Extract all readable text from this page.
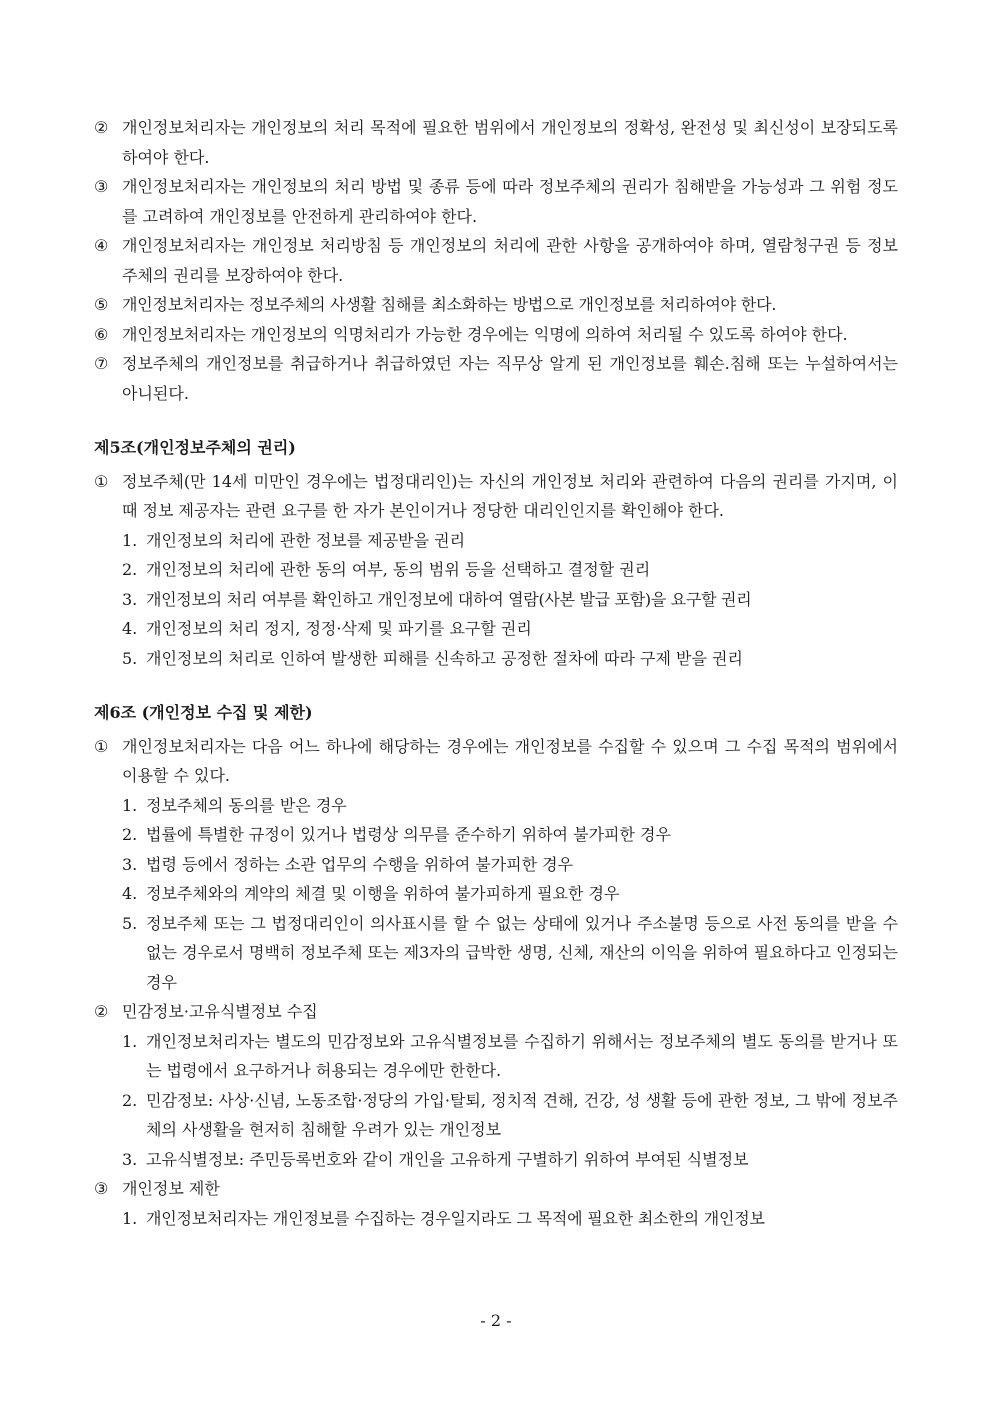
② 개인정보처리자는 개인정보의 처리 목적에 필요한 범위에서 개인정보의 정확성, 완전성 및 최신성이 보장되도록 하여야 한다.
③ 개인정보처리자는 개인정보의 처리 방법 및 종류 등에 따라 정보주체의 권리가 침해받을 가능성과 그 위험 정도를 고려하여 개인정보를 안전하게 관리하여야 한다.
④ 개인정보처리자는 개인정보 처리방침 등 개인정보의 처리에 관한 사항을 공개하여야 하며, 열람청구권 등 정보주체의 권리를 보장하여야 한다.
⑤ 개인정보처리자는 정보주체의 사생활 침해를 최소화하는 방법으로 개인정보를 처리하여야 한다.
⑥ 개인정보처리자는 개인정보의 익명처리가 가능한 경우에는 익명에 의하여 처리될 수 있도록 하여야 한다.
⑦ 정보주체의 개인정보를 취급하거나 취급하였던 자는 직무상 알게 된 개인정보를 훼손.침해 또는 누설하여서는 아니된다.
제5조(개인정보주체의 권리)
① 정보주체(만 14세 미만인 경우에는 법정대리인)는 자신의 개인정보 처리와 관련하여 다음의 권리를 가지며, 이때 정보 제공자는 관련 요구를 한 자가 본인이거나 정당한 대리인인지를 확인해야 한다.
1. 개인정보의 처리에 관한 정보를 제공받을 권리
2. 개인정보의 처리에 관한 동의 여부, 동의 범위 등을 선택하고 결정할 권리
3. 개인정보의 처리 여부를 확인하고 개인정보에 대하여 열람(사본 발급 포함)을 요구할 권리
4. 개인정보의 처리 정지, 정정·삭제 및 파기를 요구할 권리
5. 개인정보의 처리로 인하여 발생한 피해를 신속하고 공정한 절차에 따라 구제 받을 권리
제6조 (개인정보 수집 및 제한)
① 개인정보처리자는 다음 어느 하나에 해당하는 경우에는 개인정보를 수집할 수 있으며 그 수집 목적의 범위에서 이용할 수 있다.
1. 정보주체의 동의를 받은 경우
2. 법률에 특별한 규정이 있거나 법령상 의무를 준수하기 위하여 불가피한 경우
3. 법령 등에서 정하는 소관 업무의 수행을 위하여 불가피한 경우
4. 정보주체와의 계약의 체결 및 이행을 위하여 불가피하게 필요한 경우
5. 정보주체 또는 그 법정대리인이 의사표시를 할 수 없는 상태에 있거나 주소불명 등으로 사전 동의를 받을 수 없는 경우로서 명백히 정보주체 또는 제3자의 급박한 생명, 신체, 재산의 이익을 위하여 필요하다고 인정되는 경우
② 민감정보·고유식별정보 수집
1. 개인정보처리자는 별도의 민감정보와 고유식별정보를 수집하기 위해서는 정보주체의 별도 동의를 받거나 또는 법령에서 요구하거나 허용되는 경우에만 한한다.
2. 민감정보: 사상·신념, 노동조합·정당의 가입·탈퇴, 정치적 견해, 건강, 성 생활 등에 관한 정보, 그 밖에 정보주체의 사생활을 현저히 침해할 우려가 있는 개인정보
3. 고유식별정보: 주민등록번호와 같이 개인을 고유하게 구별하기 위하여 부여된 식별정보
③ 개인정보 제한
1. 개인정보처리자는 개인정보를 수집하는 경우일지라도 그 목적에 필요한 최소한의 개인정보
- 2 -
